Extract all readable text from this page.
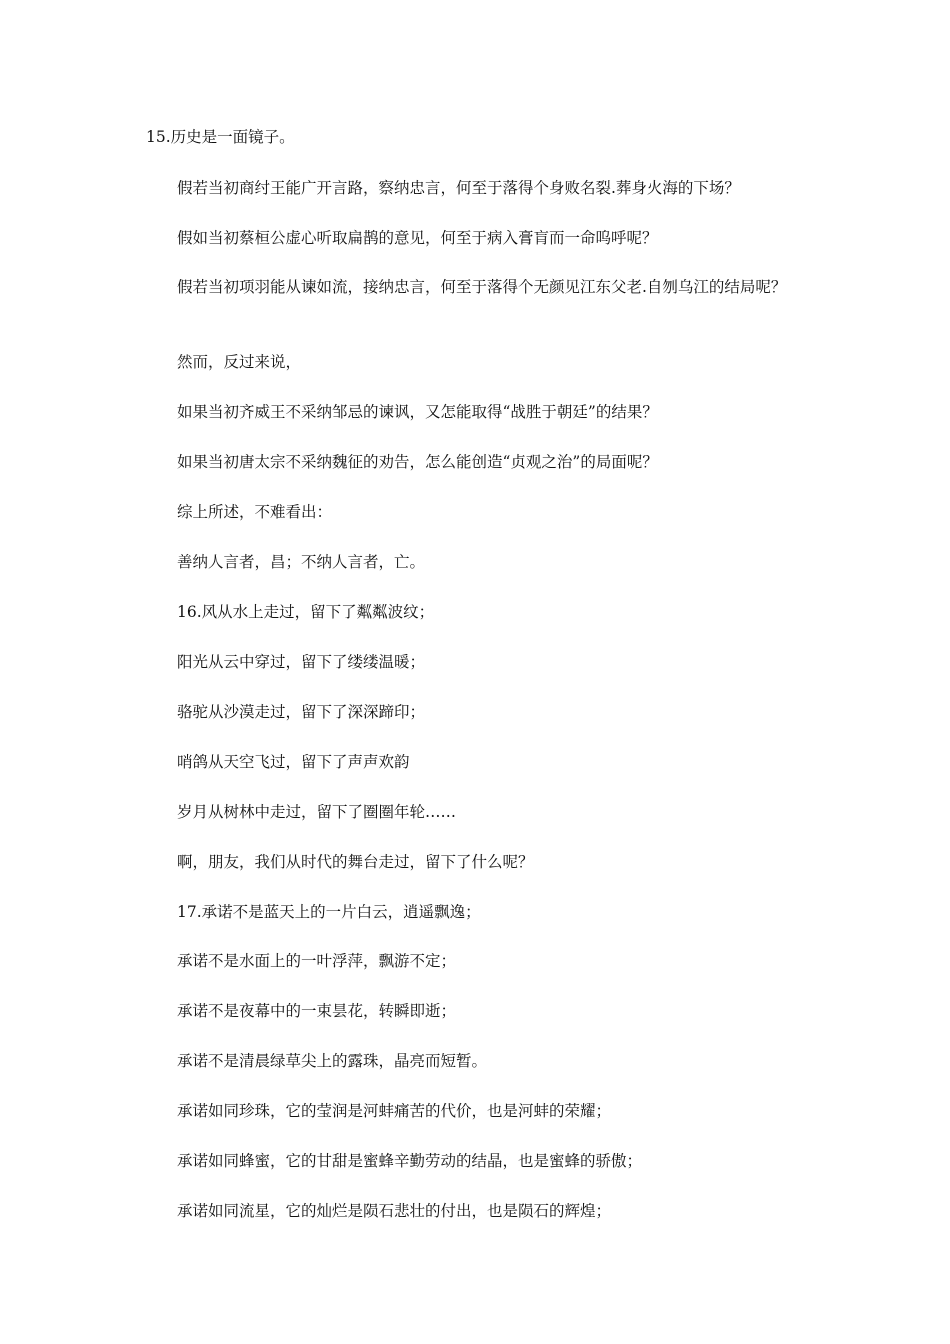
15.历史是一面镜子。
假若当初商纣王能广开言路，察纳忠言，何至于落得个身败名裂.葬身火海的下场？
假如当初蔡桓公虚心听取扁鹊的意见，何至于病入膏肓而一命呜呼呢？
假若当初项羽能从谏如流，接纳忠言，何至于落得个无颜见江东父老.自刎乌江的结局呢？
然而，反过来说，
如果当初齐威王不采纳邹忌的谏讽，又怎能取得“战胜于朝廷”的结果？
如果当初唐太宗不采纳魏征的劝告，怎么能创造“贞观之治”的局面呢？
综上所述，不难看出：
善纳人言者，昌；不纳人言者，亡。
16.风从水上走过，留下了粼粼波纹；
阳光从云中穿过，留下了缕缕温暖；
骆驼从沙漠走过，留下了深深蹄印；
哨鸽从天空飞过，留下了声声欢韵
岁月从树林中走过，留下了圈圈年轮……
啊，朋友，我们从时代的舞台走过，留下了什么呢？
17.承诺不是蓝天上的一片白云，逍遥飘逸；
承诺不是水面上的一叶浮萍，飘游不定；
承诺不是夜幕中的一束昙花，转瞬即逝；
承诺不是清晨绿草尖上的露珠，晶亮而短暂。
承诺如同珍珠，它的莹润是河蚌痛苦的代价，也是河蚌的荣耀；
承诺如同蜂蜜，它的甘甜是蜜蜂辛勤劳动的结晶，也是蜜蜂的骄傲；
承诺如同流星，它的灿烂是陨石悲壮的付出，也是陨石的辉煌；
